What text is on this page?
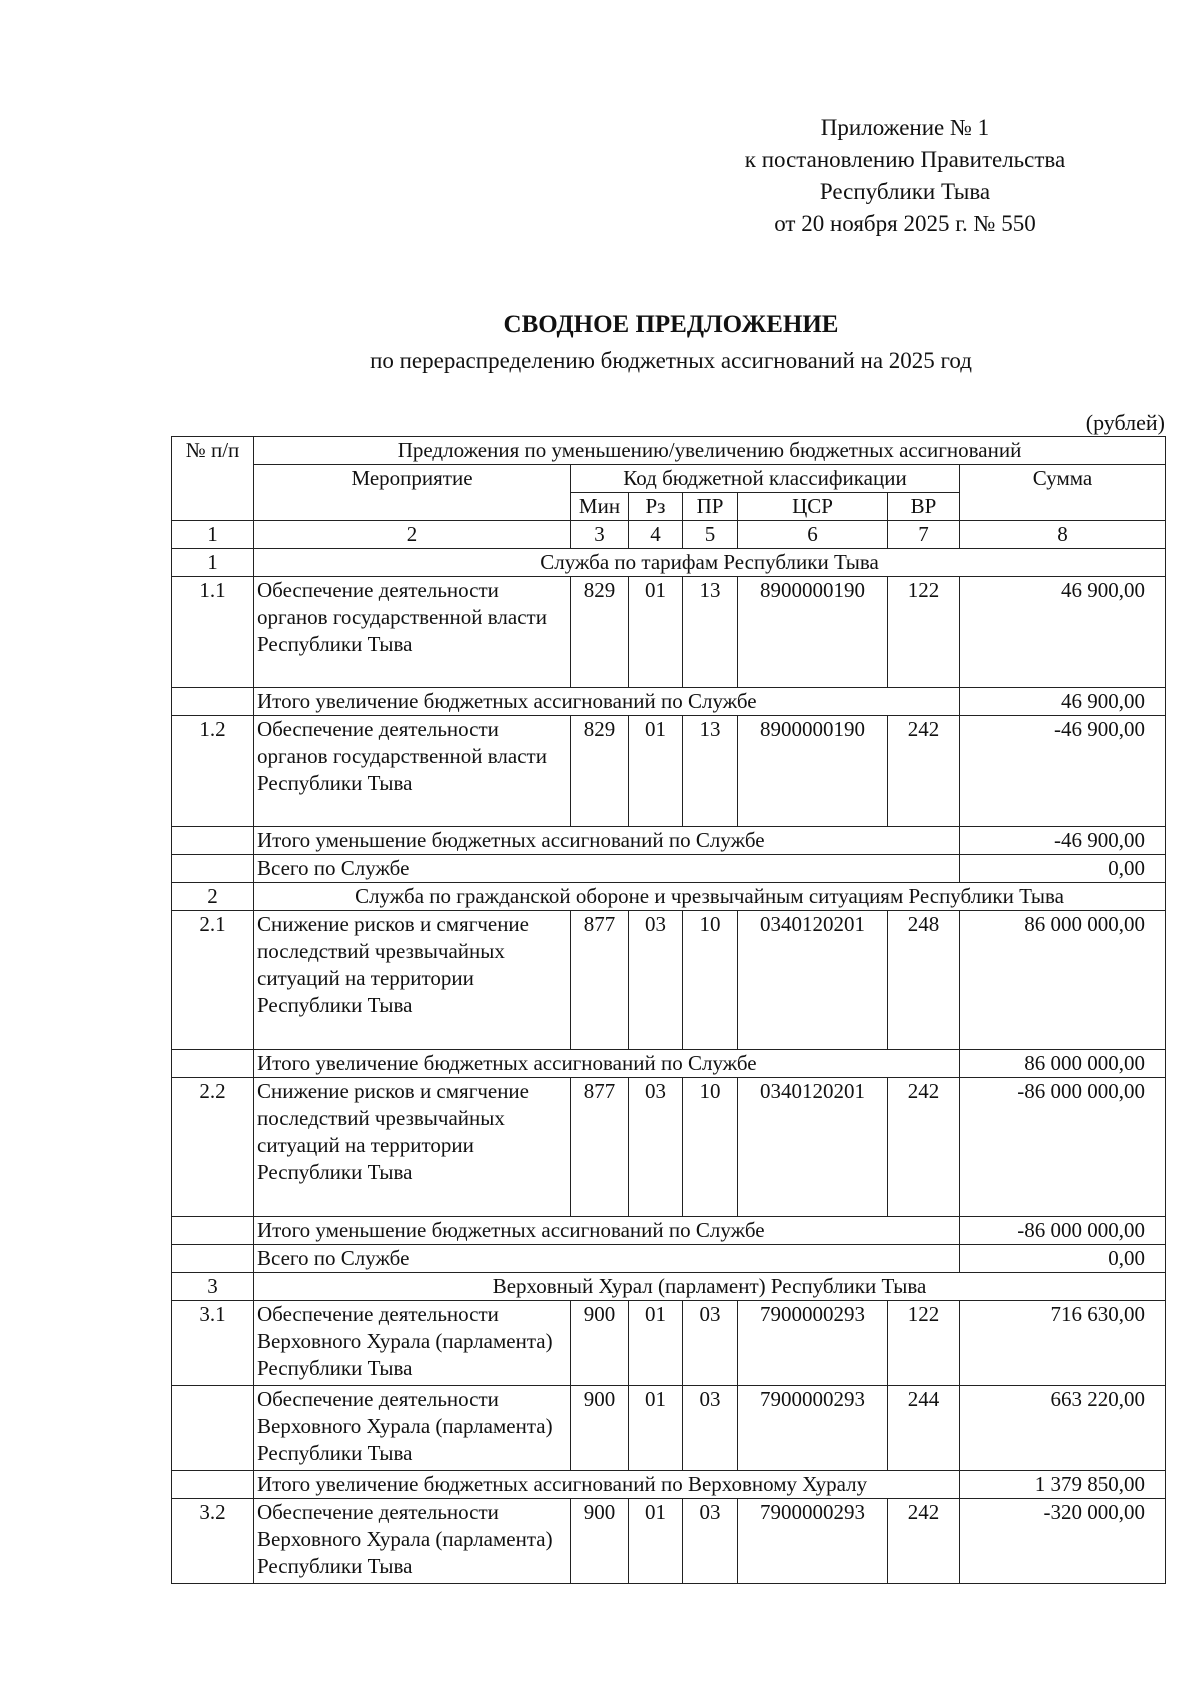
Приложение № 1
к постановлению Правительства
Республики Тыва
от 20 ноября 2025 г. № 550
СВОДНОЕ ПРЕДЛОЖЕНИЕ
по перераспределению бюджетных ассигнований на 2025 год
(рублей)
№ п/п	Предложения по уменьшению/увеличению бюджетных ассигнований						
	Мероприятие	Код бюджетной классификации					Сумма
		Мин	Рз	ПР	ЦСР	ВР	
1	2	3	4	5	6	7	8
1	Служба по тарифам Республики Тыва						
1.1	Обеспечение деятельности органов государственной власти Республики Тыва	829	01	13	8900000190	122	46 900,00
	Итого увеличение бюджетных ассигнований по Службе						46 900,00
1.2	Обеспечение деятельности органов государственной власти Республики Тыва	829	01	13	8900000190	242	-46 900,00
	Итого уменьшение бюджетных ассигнований по Службе						-46 900,00
	Всего по Службе						0,00
2	Служба по гражданской обороне и чрезвычайным ситуациям Республики Тыва						
2.1	Снижение рисков и смягчение последствий чрезвычайных ситуаций на территории Республики Тыва	877	03	10	0340120201	248	86 000 000,00
	Итого увеличение бюджетных ассигнований по Службе						86 000 000,00
2.2	Снижение рисков и смягчение последствий чрезвычайных ситуаций на территории Республики Тыва	877	03	10	0340120201	242	-86 000 000,00
	Итого уменьшение бюджетных ассигнований по Службе						-86 000 000,00
	Всего по Службе						0,00
3	Верховный Хурал (парламент) Республики Тыва						
3.1	Обеспечение деятельности Верховного Хурала (парламента) Республики Тыва	900	01	03	7900000293	122	716 630,00
	Обеспечение деятельности Верховного Хурала (парламента) Республики Тыва	900	01	03	7900000293	244	663 220,00
	Итого увеличение бюджетных ассигнований по Верховному Хуралу						1 379 850,00
3.2	Обеспечение деятельности Верховного Хурала (парламента) Республики Тыва	900	01	03	7900000293	242	-320 000,00
